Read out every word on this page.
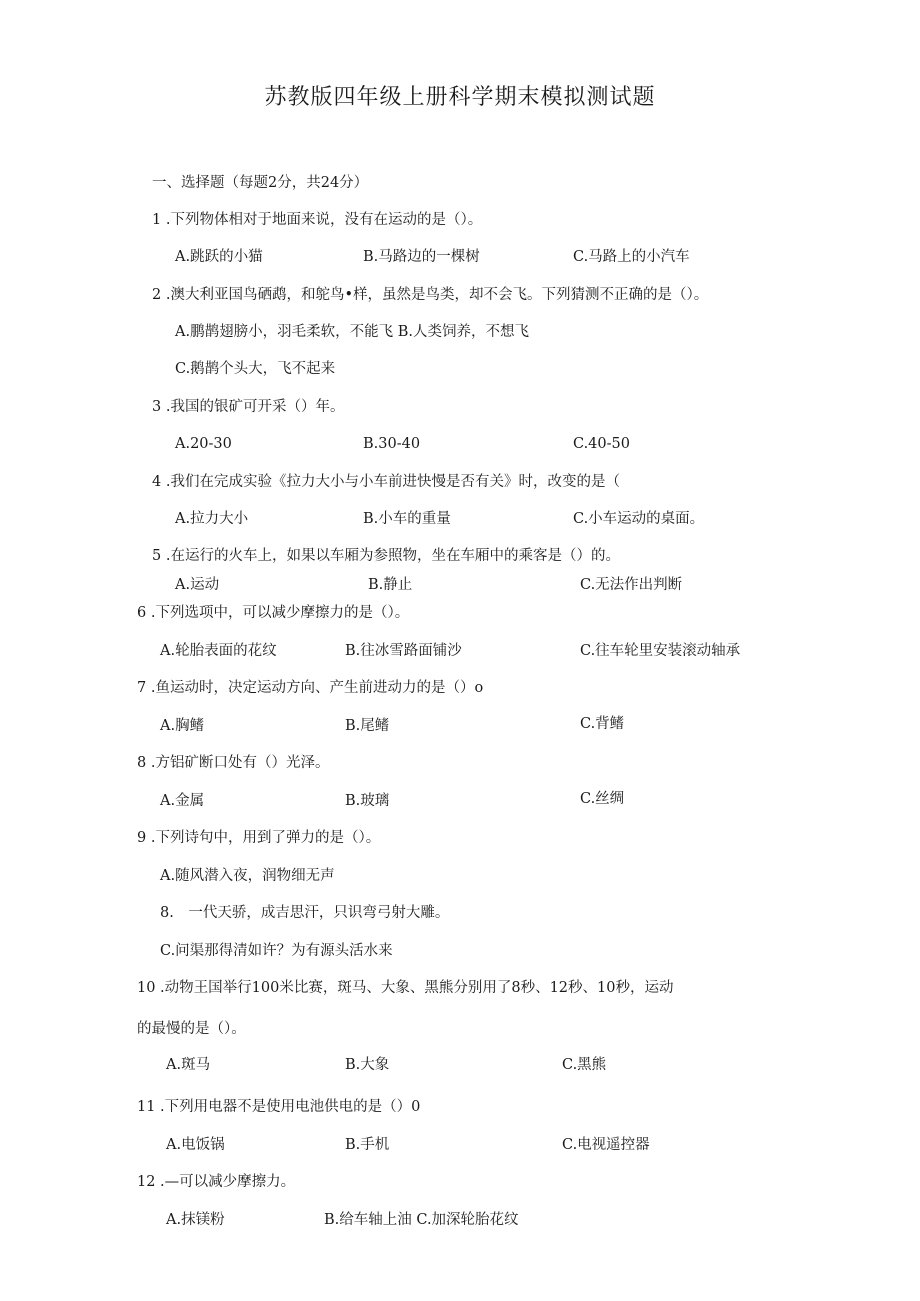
苏教版四年级上册科学期末模拟测试题
一、选择题（每题2分，共24分）
1 .下列物体相对于地面来说，没有在运动的是（）。
A.跳跃的小猫	B.马路边的一棵树	C.马路上的小汽车
2 .澳大利亚国鸟硒鹉，和鸵鸟•样，虽然是鸟类，却不会飞。下列猜测不正确的是（）。
A.鹏鹊翅膀小，羽毛柔软，不能飞 B.人类饲养，不想飞
C.鹅鹊个头大，飞不起来
3 .我国的银矿可开采（）年。
A.20-30	B.30-40	C.40-50
4 .我们在完成实验《拉力大小与小车前进快慢是否有关》时，改变的是（
A.拉力大小	B.小车的重量	C.小车运动的桌面。
5 .在运行的火车上，如果以车厢为参照物，坐在车厢中的乘客是（）的。
A.运动	B.静止	C.无法作出判断
6 .下列选项中，可以减少摩擦力的是（）。
A.轮胎表面的花纹	B.往冰雪路面铺沙	C.往车轮里安装滚动轴承
7 .鱼运动时，决定运动方向、产生前进动力的是（）o
A.胸鳍	B.尾鳍	C.背鳍
8 .方铝矿断口处有（）光泽。
A.金属	B.玻璃	C.丝绸
9 .下列诗句中，用到了弹力的是（）。
A.随风潜入夜，润物细无声
8.　一代天骄，成吉思汗，只识弯弓射大雕。
C.问渠那得清如许？为有源头活水来
10 .动物王国举行100米比赛，斑马、大象、黑熊分别用了8秒、12秒、10秒，运动
的最慢的是（）。
A.斑马	B.大象	C.黑熊
11 .下列用电器不是使用电池供电的是（）0
A.电饭锅	B.手机	C.电视遥控器
12 .—可以减少摩擦力。
A.抹镁粉	B.给车轴上油 C.加深轮胎花纹
